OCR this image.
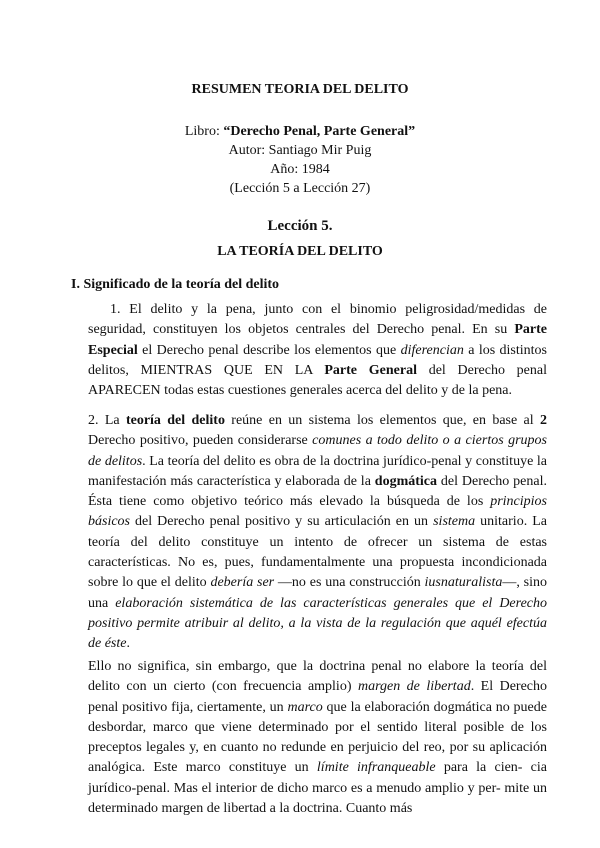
RESUMEN TEORIA DEL DELITO
Libro: “Derecho Penal, Parte General”
Autor: Santiago Mir Puig
Año: 1984
(Lección 5 a Lección 27)
Lección 5.
LA TEORÍA DEL DELITO
I. Significado de la teoría del delito
1. El delito y la pena, junto con el binomio peligrosidad/medidas de seguridad, constituyen los objetos centrales del Derecho penal. En su Parte Especial el Derecho penal describe los elementos que diferencian a los distintos delitos, MIENTRAS QUE EN LA Parte General del Derecho penal APARECEN todas estas cuestiones generales acerca del delito y de la pena.
2. La teoría del delito reúne en un sistema los elementos que, en base al 2 Derecho positivo, pueden considerarse comunes a todo delito o a ciertos grupos de delitos. La teoría del delito es obra de la doctrina jurídico-penal y constituye la manifestación más característica y elaborada de la dogmática del Derecho penal. Ésta tiene como objetivo teórico más elevado la búsqueda de los principios básicos del Derecho penal positivo y su articulación en un sistema unitario. La teoría del delito constituye un intento de ofrecer un sistema de estas características. No es, pues, fundamentalmente una propuesta incondicionada sobre lo que el delito debería ser —no es una construcción iusnaturalista—, sino una elaboración sistemática de las características generales que el Derecho positivo permite atribuir al delito, a la vista de la regulación que aquél efectúa de éste.
Ello no significa, sin embargo, que la doctrina penal no elabore la teoría del delito con un cierto (con frecuencia amplio) margen de libertad. El Derecho penal positivo fija, ciertamente, un marco que la elaboración dogmática no puede desbordar, marco que viene determinado por el sentido literal posible de los preceptos legales y, en cuanto no redunde en perjuicio del reo, por su aplicación analógica. Este marco constituye un límite infranqueable para la cien- cia jurídico-penal. Mas el interior de dicho marco es a menudo amplio y per- mite un determinado margen de libertad a la doctrina. Cuanto más
